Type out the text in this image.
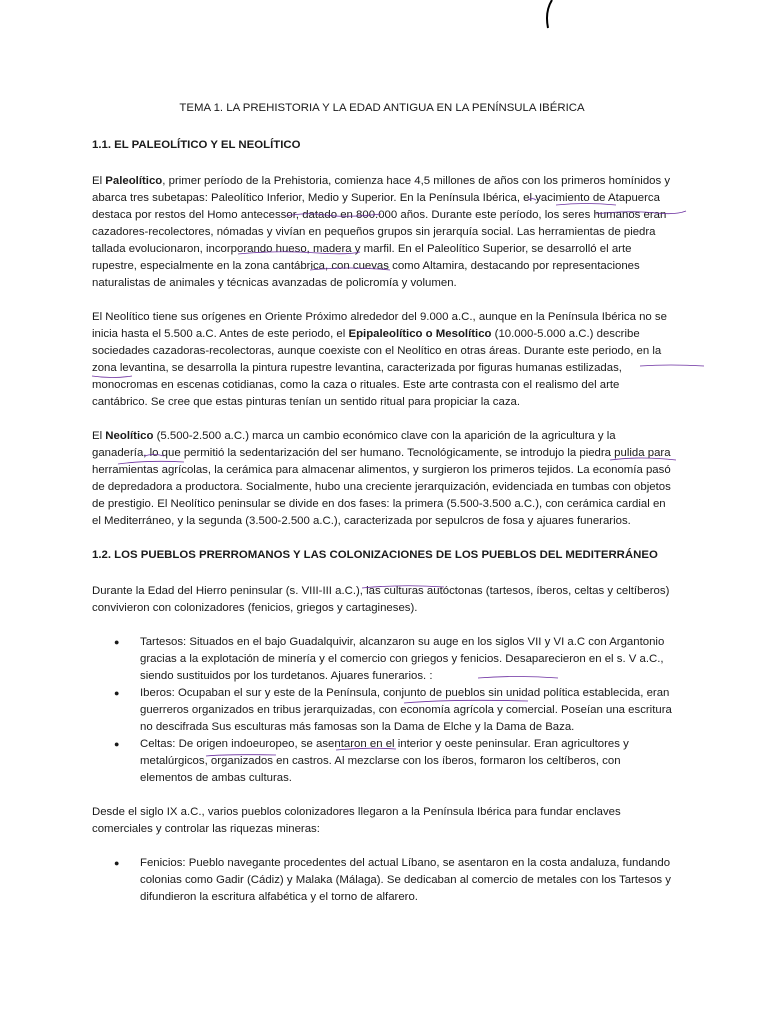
TEMA 1. LA PREHISTORIA Y LA EDAD ANTIGUA EN LA PENÍNSULA IBÉRICA
1.1. EL PALEOLÍTICO Y EL NEOLÍTICO

El Paleolítico, primer período de la Prehistoria, comienza hace 4,5 millones de años con los primeros homínidos y abarca tres subetapas: Paleolítico Inferior, Medio y Superior. En la Península Ibérica, el yacimiento de Atapuerca destaca por restos del Homo antecessor, datado en 800.000 años. Durante este período, los seres humanos eran cazadores-recolectores, nómadas y vivían en pequeños grupos sin jerarquía social. Las herramientas de piedra tallada evolucionaron, incorporando hueso, madera y marfil. En el Paleolítico Superior, se desarrolló el arte rupestre, especialmente en la zona cantábrica, con cuevas como Altamira, destacando por representaciones naturalistas de animales y técnicas avanzadas de policromía y volumen.

El Neolítico tiene sus orígenes en Oriente Próximo alrededor del 9.000 a.C., aunque en la Península Ibérica no se inicia hasta el 5.500 a.C. Antes de este periodo, el Epipaleolítico o Mesolítico (10.000-5.000 a.C.) describe sociedades cazadoras-recolectoras, aunque coexiste con el Neolítico en otras áreas. Durante este periodo, en la zona levantina, se desarrolla la pintura rupestre levantina, caracterizada por figuras humanas estilizadas, monocromas en escenas cotidianas, como la caza o rituales. Este arte contrasta con el realismo del arte cantábrico. Se cree que estas pinturas tenían un sentido ritual para propiciar la caza.

El Neolítico (5.500-2.500 a.C.) marca un cambio económico clave con la aparición de la agricultura y la ganadería, lo que permitió la sedentarización del ser humano. Tecnológicamente, se introdujo la piedra pulida para herramientas agrícolas, la cerámica para almacenar alimentos, y surgieron los primeros tejidos. La economía pasó de depredadora a productora. Socialmente, hubo una creciente jerarquización, evidenciada en tumbas con objetos de prestigio. El Neolítico peninsular se divide en dos fases: la primera (5.500-3.500 a.C.), con cerámica cardial en el Mediterráneo, y la segunda (3.500-2.500 a.C.), caracterizada por sepulcros de fosa y ajuares funerarios.

1.2. LOS PUEBLOS PRERROMANOS Y LAS COLONIZACIONES DE LOS PUEBLOS DEL MEDITERRÁNEO

Durante la Edad del Hierro peninsular (s. VIII-III a.C.), las culturas autóctonas (tartesos, íberos, celtas y celtíberos) convivieron con colonizadores (fenicios, griegos y cartagineses).

● Tartesos: Situados en el bajo Guadalquivir, alcanzaron su auge en los siglos VII y VI a.C con Argantonio gracias a la explotación de minería y el comercio con griegos y fenicios. Desaparecieron en el s. V a.C., siendo sustituidos por los turdetanos. Ajuares funerarios. :
● Iberos: Ocupaban el sur y este de la Península, conjunto de pueblos sin unidad política establecida, eran guerreros organizados en tribus jerarquizadas, con economía agrícola y comercial. Poseían una escritura no descifrada Sus esculturas más famosas son la Dama de Elche y la Dama de Baza.
● Celtas: De origen indoeuropeo, se asentaron en el interior y oeste peninsular. Eran agricultores y metalúrgicos, organizados en castros. Al mezclarse con los íberos, formaron los celtíberos, con elementos de ambas culturas.

Desde el siglo IX a.C., varios pueblos colonizadores llegaron a la Península Ibérica para fundar enclaves comerciales y controlar las riquezas mineras:

● Fenicios: Pueblo navegante procedentes del actual Líbano, se asentaron en la costa andaluza, fundando colonias como Gadir (Cádiz) y Malaka (Málaga). Se dedicaban al comercio de metales con los Tartesos y difundieron la escritura alfabética y el torno de alfarero.
